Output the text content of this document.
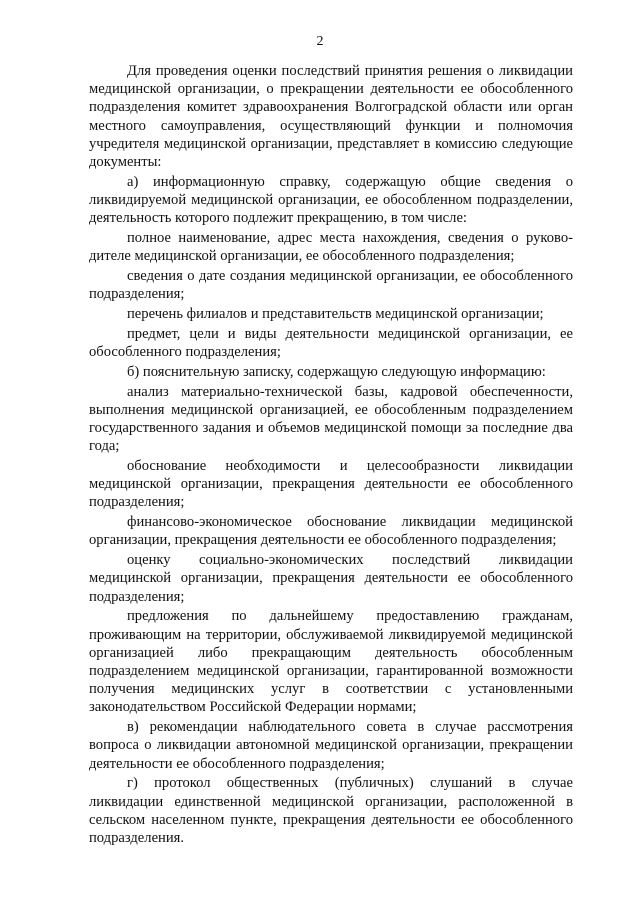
2

Для проведения оценки последствий принятия решения о ликвидации медицинской организации, о прекращении деятельности ее обособленного подразделения комитет здравоохранения Волгоградской области или орган местного самоуправления, осуществляющий функции и полномочия учредителя медицинской организации, представляет в комиссию следующие документы:

а) информационную справку, содержащую общие сведения о ликвидируемой медицинской организации, ее обособленном подразделении, деятельность которого подлежит прекращению, в том числе:

полное наименование, адрес места нахождения, сведения о руково-дителе медицинской организации, ее обособленного подразделения;

сведения о дате создания медицинской организации, ее обособленного подразделения;

перечень филиалов и представительств медицинской организации;

предмет, цели и виды деятельности медицинской организации, ее обособленного подразделения;

б) пояснительную записку, содержащую следующую информацию:

анализ материально-технической базы, кадровой обеспеченности, выполнения медицинской организацией, ее обособленным подразделением государственного задания и объемов медицинской помощи за последние два года;

обоснование необходимости и целесообразности ликвидации медицинской организации, прекращения деятельности ее обособленного подразделения;

финансово-экономическое обоснование ликвидации медицинской организации, прекращения деятельности ее обособленного подразделения;

оценку социально-экономических последствий ликвидации медицинской организации, прекращения деятельности ее обособленного подразделения;

предложения по дальнейшему предоставлению гражданам, проживающим на территории, обслуживаемой ликвидируемой медицинской организацией либо прекращающим деятельность обособленным подразделением медицинской организации, гарантированной возможности получения медицинских услуг в соответствии с установленными законодательством Российской Федерации нормами;

в) рекомендации наблюдательного совета в случае рассмотрения вопроса о ликвидации автономной медицинской организации, прекращении деятельности ее обособленного подразделения;

г) протокол общественных (публичных) слушаний в случае ликвидации единственной медицинской организации, расположенной в сельском населенном пункте, прекращения деятельности ее обособленного подразделения.
